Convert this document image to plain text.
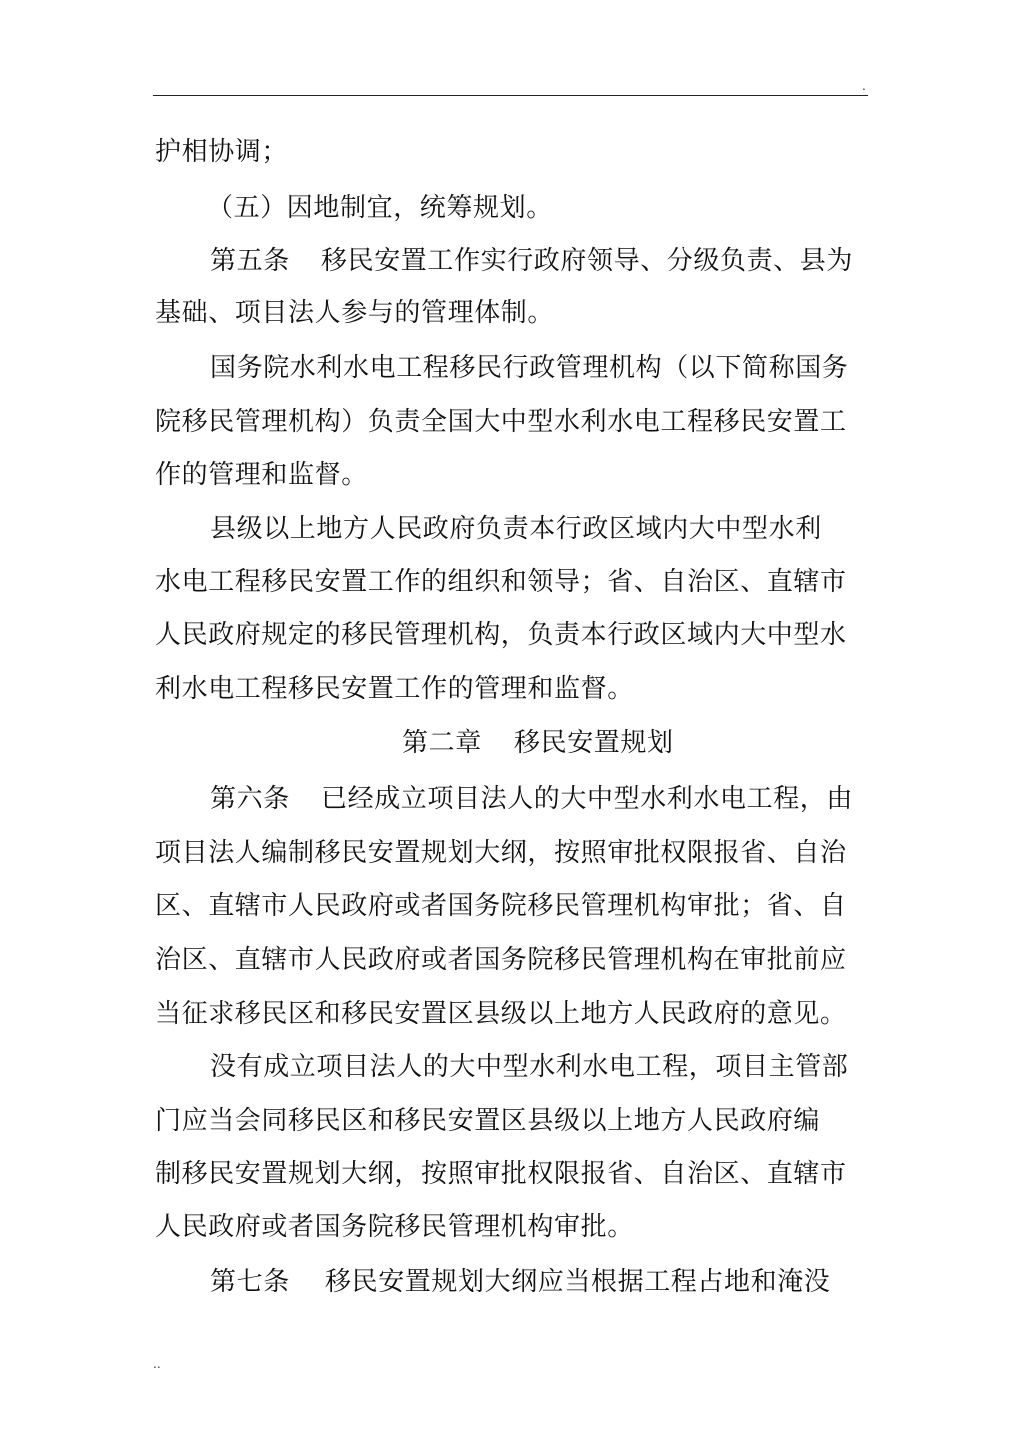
.
护相协调；
（五）因地制宜，统筹规划。
第五条 移民安置工作实行政府领导、分级负责、县为
基础、项目法人参与的管理体制。
国务院水利水电工程移民行政管理机构（以下简称国务
院移民管理机构）负责全国大中型水利水电工程移民安置工
作的管理和监督。
县级以上地方人民政府负责本行政区域内大中型水利
水电工程移民安置工作的组织和领导；省、自治区、直辖市
人民政府规定的移民管理机构，负责本行政区域内大中型水
利水电工程移民安置工作的管理和监督。
第二章 移民安置规划
第六条 已经成立项目法人的大中型水利水电工程，由
项目法人编制移民安置规划大纲，按照审批权限报省、自治
区、直辖市人民政府或者国务院移民管理机构审批；省、自
治区、直辖市人民政府或者国务院移民管理机构在审批前应
当征求移民区和移民安置区县级以上地方人民政府的意见。
没有成立项目法人的大中型水利水电工程，项目主管部
门应当会同移民区和移民安置区县级以上地方人民政府编
制移民安置规划大纲，按照审批权限报省、自治区、直辖市
人民政府或者国务院移民管理机构审批。
第七条 移民安置规划大纲应当根据工程占地和淹没
..
